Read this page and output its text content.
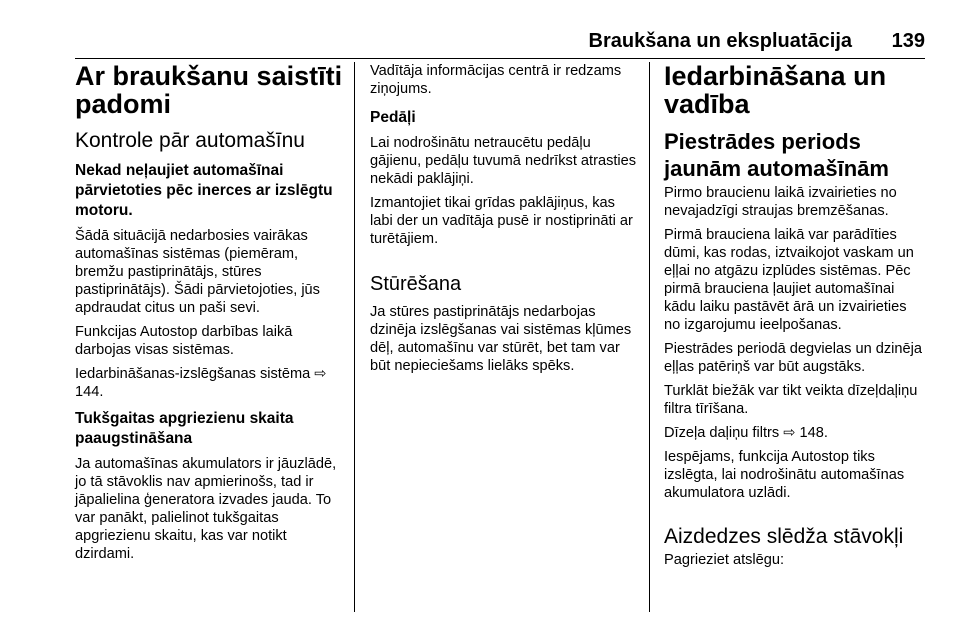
Braukšana un ekspluatācija 139
Ar braukšanu saistīti padomi
Kontrole pār automašīnu
Nekad neļaujiet automašīnai pārvietoties pēc inerces ar izslēgtu motoru.

Šādā situācijā nedarbosies vairākas automašīnas sistēmas (piemēram, bremžu pastiprinātājs, stūres pastiprinātājs). Šādi pārvietojoties, jūs apdraudat citus un paši sevi.

Funkcijas Autostop darbības laikā darbojas visas sistēmas.

Iedarbināšanas-izslēgšanas sistēma ⇨ 144.

Tukšgaitas apgriezienu skaita paaugstināšana

Ja automašīnas akumulators ir jāuzlādē, jo tā stāvoklis nav apmierinošs, tad ir jāpalielina ģeneratora izvades jauda. To var panākt, palielinot tukšgaitas apgriezienu skaitu, kas var notikt dzirdami.

Vadītāja informācijas centrā ir redzams ziņojums.

Pedāļi

Lai nodrošinātu netraucētu pedāļu gājienu, pedāļu tuvumā nedrīkst atrasties nekādi paklājiņi.

Izmantojiet tikai grīdas paklājiņus, kas labi der un vadītāja pusē ir nostiprināti ar turētājiem.

Stūrēšana

Ja stūres pastiprinātājs nedarbojas dzinēja izslēgšanas vai sistēmas kļūmes dēļ, automašīnu var stūrēt, bet tam var būt nepieciešams lielāks spēks.

Iedarbināšana un vadība
Piestrādes periods jaunām automašīnām

Pirmo braucienu laikā izvairieties no nevajadzīgi straujas bremzēšanas.

Pirmā brauciena laikā var parādīties dūmi, kas rodas, iztvaikojot vaskam un eļļai no atgāzu izplūdes sistēmas. Pēc pirmā brauciena ļaujiet automašīnai kādu laiku pastāvēt ārā un izvairieties no izgarojumu ieelpošanas.

Piestrādes periodā degvielas un dzinēja eļļas patēriņš var būt augstāks.

Turklāt biežāk var tikt veikta dīzeļdaļiņu filtra tīrīšana.

Dīzeļa daļiņu filtrs ⇨ 148.

Iespējams, funkcija Autostop tiks izslēgta, lai nodrošinātu automašīnas akumulatora uzlādi.

Aizdedzes slēdža stāvokļi

Pagrieziet atslēgu:
